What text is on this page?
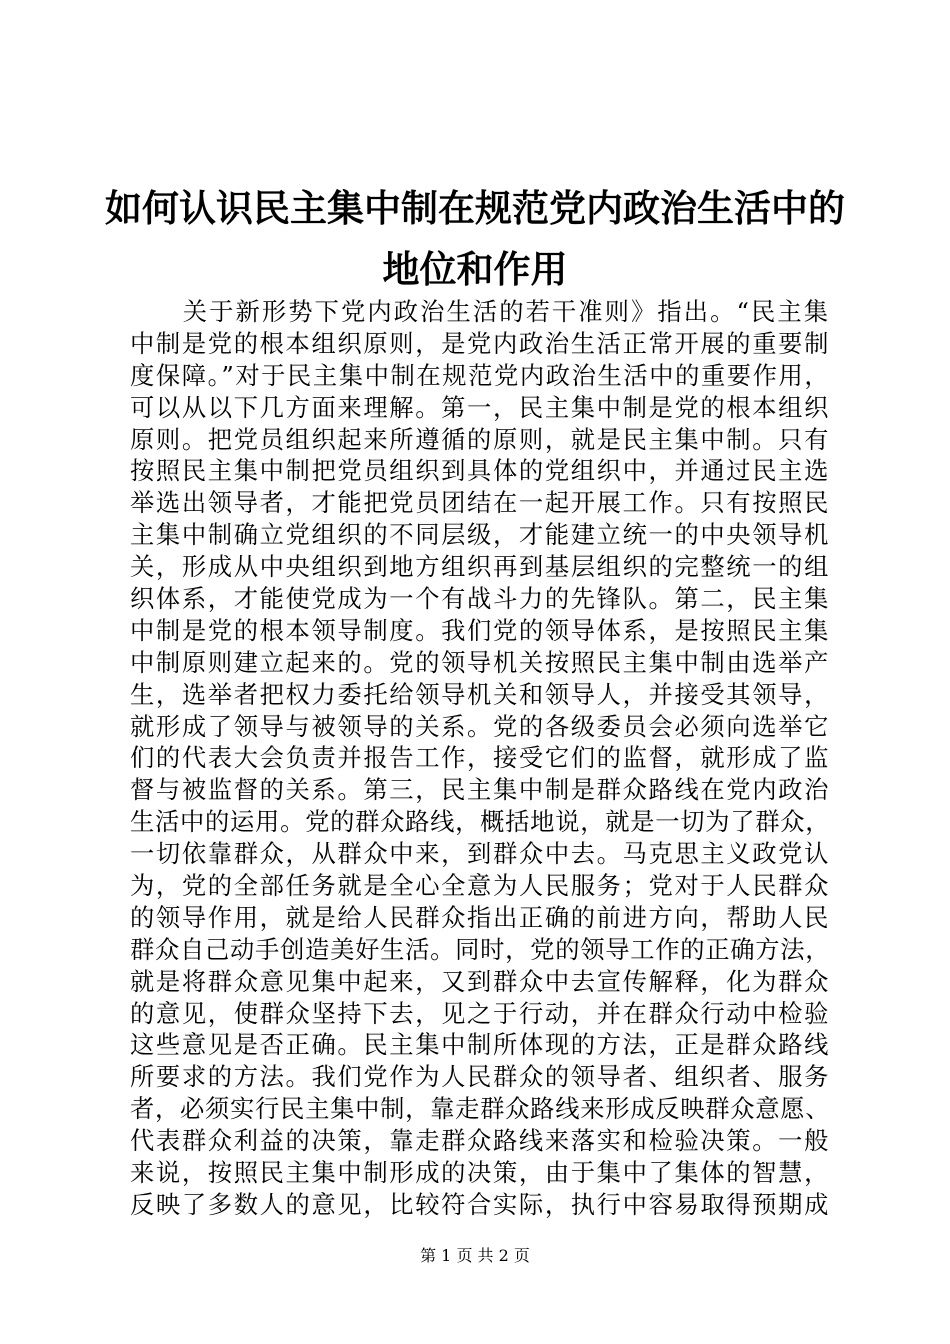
如何认识民主集中制在规范党内政治生活中的
地位和作用
　　关于新形势下党内政治生活的若干准则》指出。“民主集
中制是党的根本组织原则，是党内政治生活正常开展的重要制
度保障。”对于民主集中制在规范党内政治生活中的重要作用，
可以从以下几方面来理解。第一，民主集中制是党的根本组织
原则。把党员组织起来所遵循的原则，就是民主集中制。只有
按照民主集中制把党员组织到具体的党组织中，并通过民主选
举选出领导者，才能把党员团结在一起开展工作。只有按照民
主集中制确立党组织的不同层级，才能建立统一的中央领导机
关，形成从中央组织到地方组织再到基层组织的完整统一的组
织体系，才能使党成为一个有战斗力的先锋队。第二，民主集
中制是党的根本领导制度。我们党的领导体系，是按照民主集
中制原则建立起来的。党的领导机关按照民主集中制由选举产
生，选举者把权力委托给领导机关和领导人，并接受其领导，
就形成了领导与被领导的关系。党的各级委员会必须向选举它
们的代表大会负责并报告工作，接受它们的监督，就形成了监
督与被监督的关系。第三，民主集中制是群众路线在党内政治
生活中的运用。党的群众路线，概括地说，就是一切为了群众，
一切依靠群众，从群众中来，到群众中去。马克思主义政党认
为，党的全部任务就是全心全意为人民服务；党对于人民群众
的领导作用，就是给人民群众指出正确的前进方向，帮助人民
群众自己动手创造美好生活。同时，党的领导工作的正确方法，
就是将群众意见集中起来，又到群众中去宣传解释，化为群众
的意见，使群众坚持下去，见之于行动，并在群众行动中检验
这些意见是否正确。民主集中制所体现的方法，正是群众路线
所要求的方法。我们党作为人民群众的领导者、组织者、服务
者，必须实行民主集中制，靠走群众路线来形成反映群众意愿、
代表群众利益的决策，靠走群众路线来落实和检验决策。一般
来说，按照民主集中制形成的决策，由于集中了集体的智慧，
反映了多数人的意见，比较符合实际，执行中容易取得预期成
第 1 页 共 2 页
